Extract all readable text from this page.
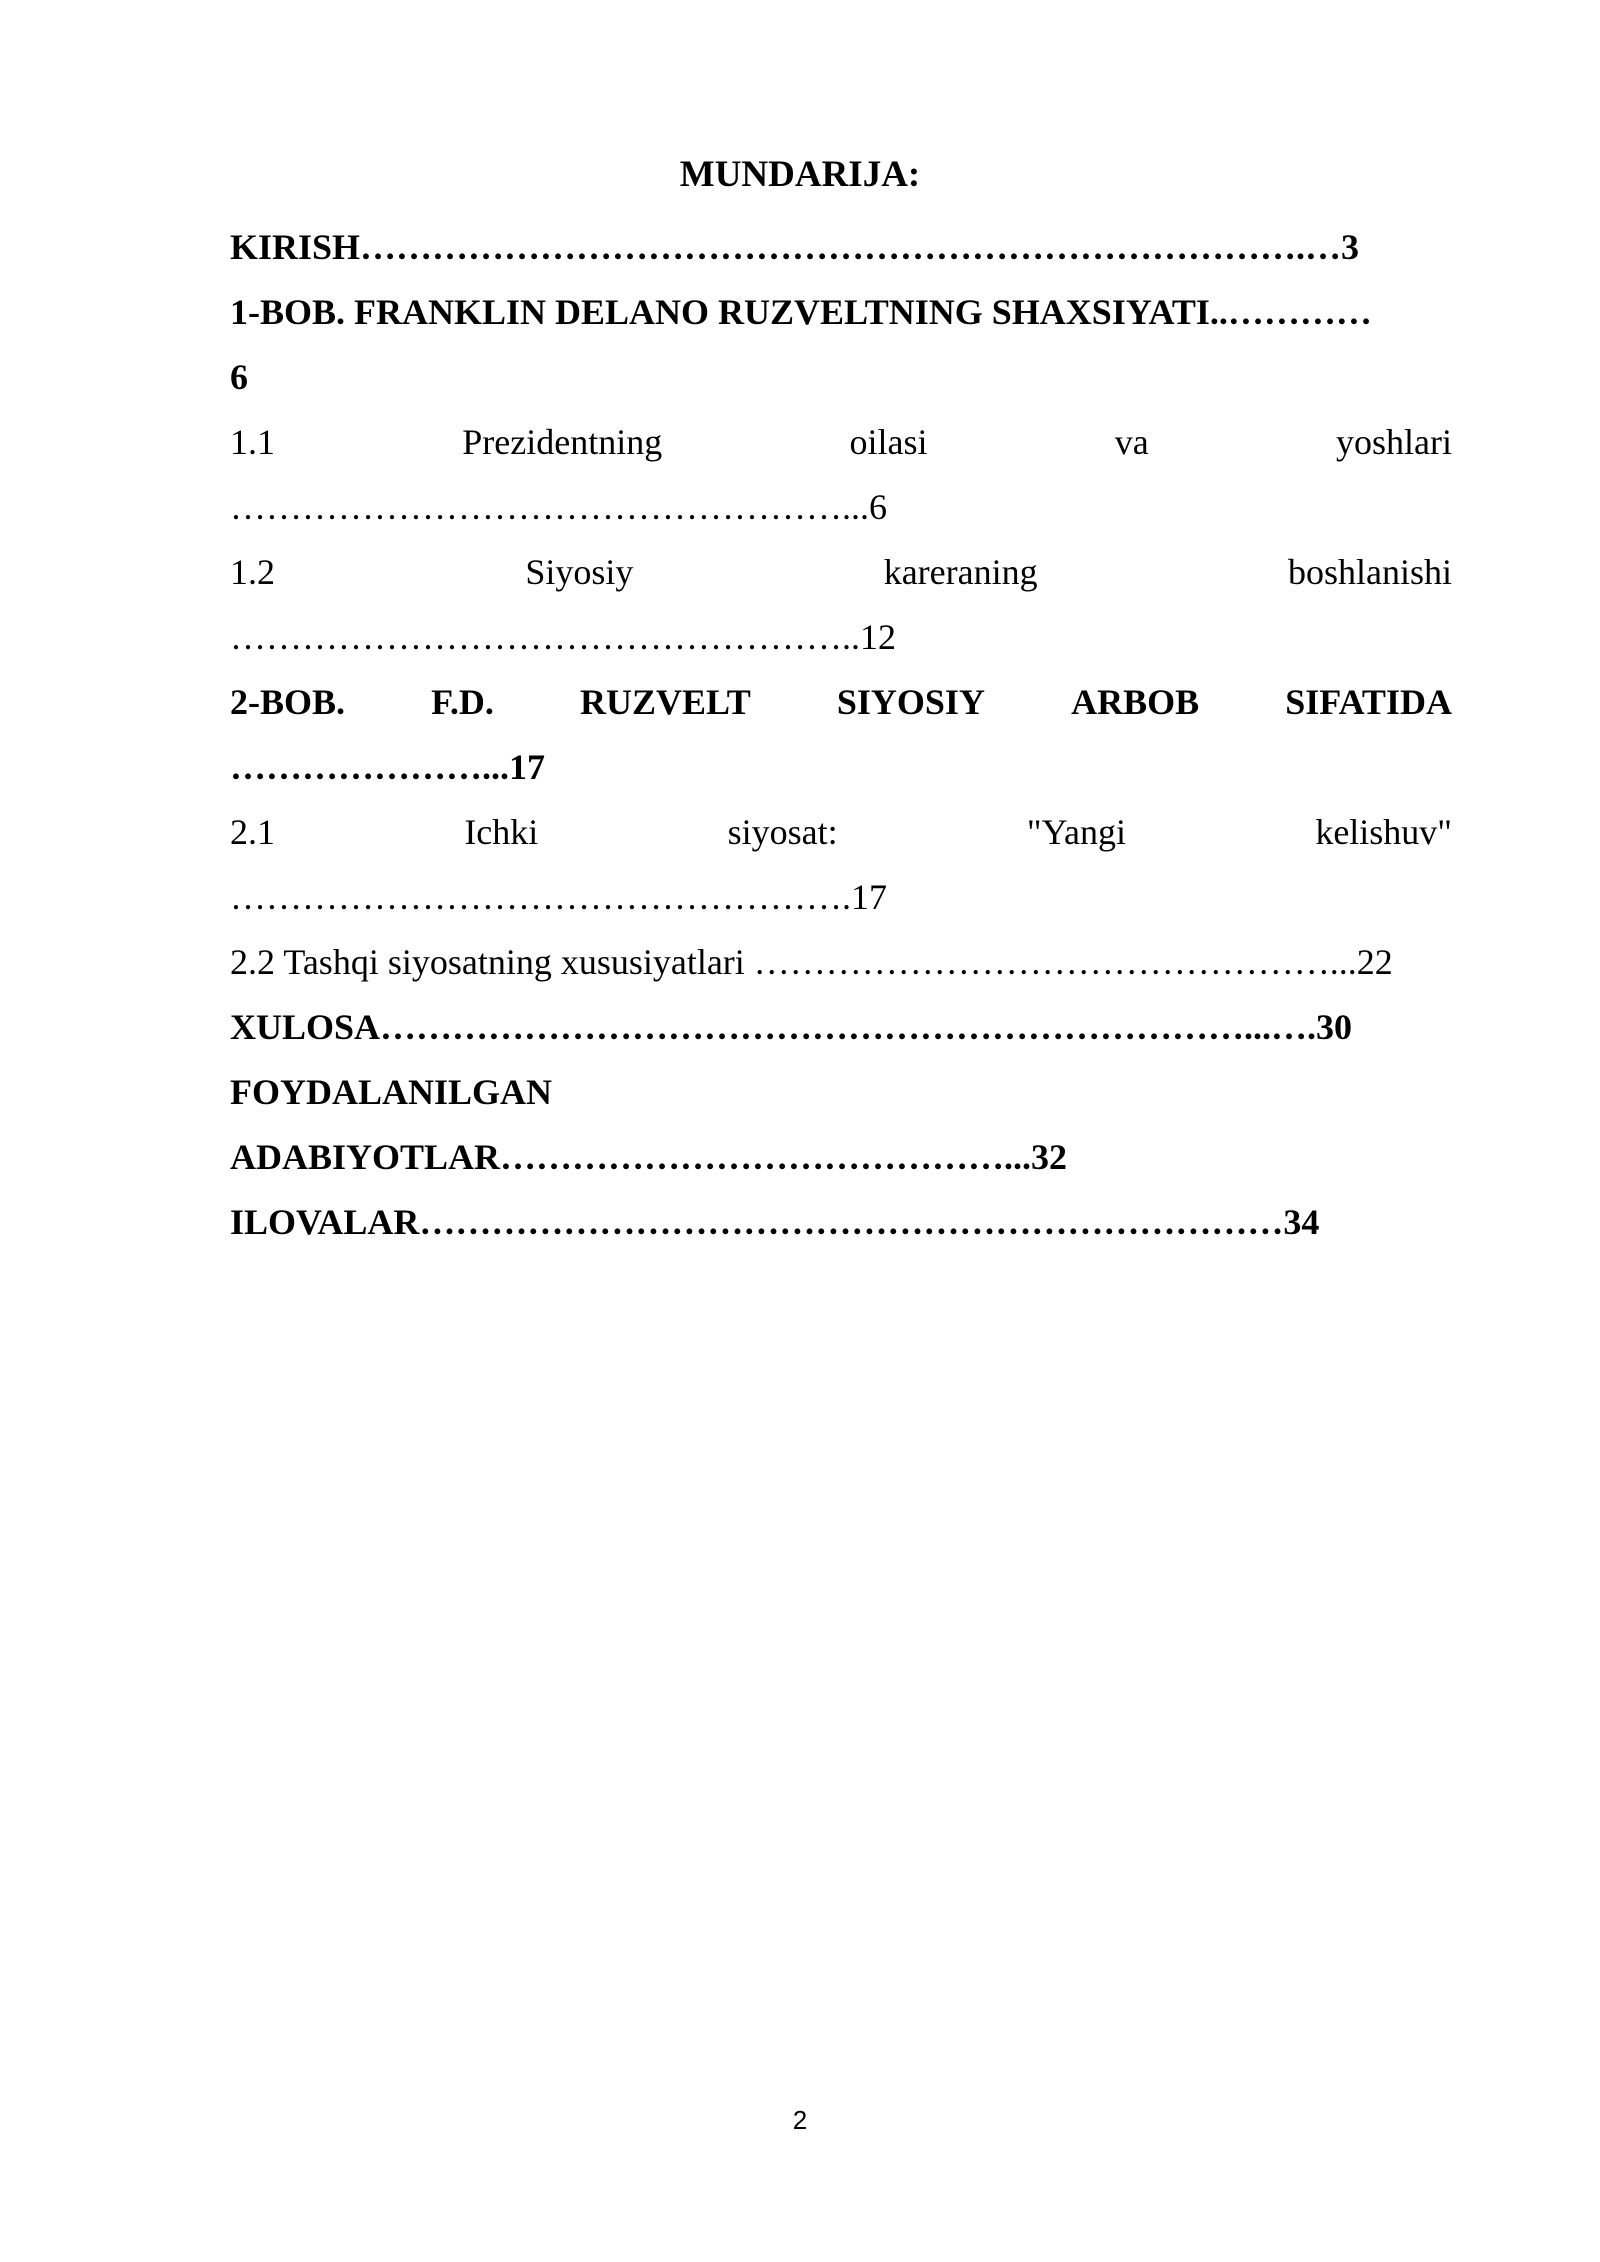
MUNDARIJA:
KIRISH…………………………………………………………………….…3
1-BOB. FRANKLIN DELANO RUZVELTNING SHAXSIYATI..…………
6
1.1	Prezidentning	oilasi	va	yoshlari
……………………………………………...6
1.2	Siyosiy	kareraning	boshlanishi
……………………………………………..12
2-BOB. F.D. RUZVELT SIYOSIY ARBOB SIFATIDA
…………………...17
2.1	Ichki	siyosat:	"Yangi	kelishuv"
…………………………………………….17
2.2 Tashqi siyosatning xususiyatlari …………………………………………...22
XULOSA………………………………………………………………...….30
FOYDALANILGAN
ADABIYOTLAR……………………………………...32
ILOVALAR………………………………………………………………34
2
